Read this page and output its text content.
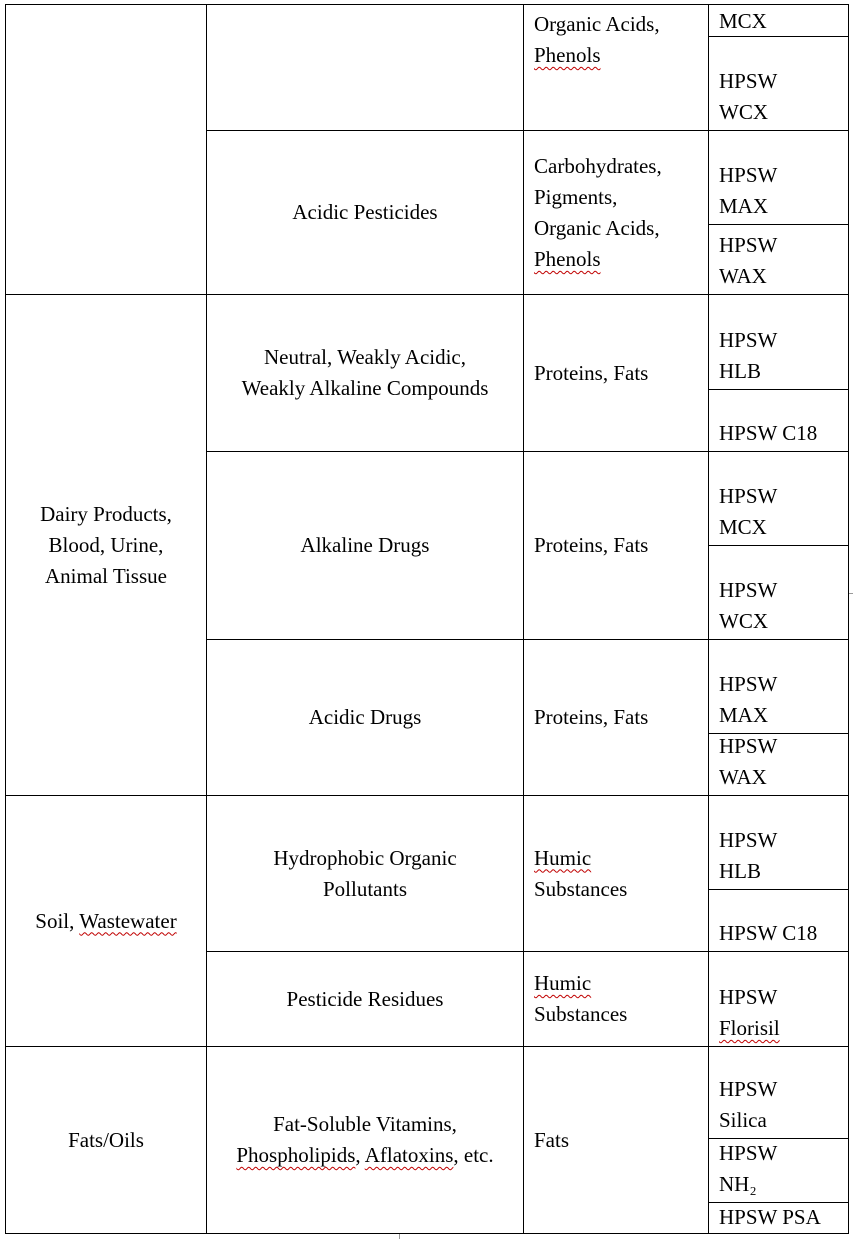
Organic Acids,
Phenols
MCX
HPSW
WCX
Acidic Pesticides
Carbohydrates,
Pigments,
Organic Acids,
Phenols
HPSW
MAX
HPSW
WAX
Dairy Products,
Blood, Urine,
Animal Tissue
Neutral, Weakly Acidic,
Weakly Alkaline Compounds
Proteins, Fats
HPSW
HLB
HPSW C18
Alkaline Drugs	Proteins, Fats
HPSW
MCX
HPSW
WCX
Acidic Drugs	Proteins, Fats
HPSW
MAX
HPSW
WAX
Soil, Wastewater
Hydrophobic Organic
Pollutants
Humic
Substances
HPSW
HLB
HPSW C18
Pesticide Residues
Humic
Substances
HPSW
Florisil
Fats/Oils
Fat-Soluble Vitamins,
Phospholipids, Aflatoxins, etc.
Fats
HPSW
Silica
HPSW
NH₂
HPSW PSA
